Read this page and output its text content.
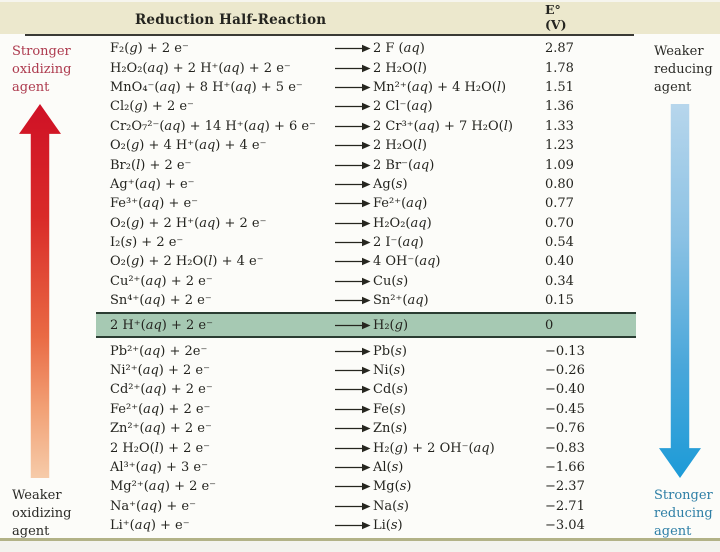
Reduction Half-Reaction
E°
(V)
F₂(g) + 2 e⁻	→ 2 F (aq)	2.87
H₂O₂(aq) + 2 H⁺(aq) + 2 e⁻	→ 2 H₂O(l)	1.78
MnO₄⁻(aq) + 8 H⁺(aq) + 5 e⁻	→ Mn²⁺(aq) + 4 H₂O(l)	1.51
Cl₂(g) + 2 e⁻	→ 2 Cl⁻(aq)	1.36
Cr₂O₇²⁻(aq) + 14 H⁺(aq) + 6 e⁻	→ 2 Cr³⁺(aq) + 7 H₂O(l)	1.33
O₂(g) + 4 H⁺(aq) + 4 e⁻	→ 2 H₂O(l)	1.23
Br₂(l) + 2 e⁻	→ 2 Br⁻(aq)	1.09
Ag⁺(aq) + e⁻	→ Ag(s)	0.80
Fe³⁺(aq) + e⁻	→ Fe²⁺(aq)	0.77
O₂(g) + 2 H⁺(aq) + 2 e⁻	→ H₂O₂(aq)	0.70
I₂(s) + 2 e⁻	→ 2 I⁻(aq)	0.54
O₂(g) + 2 H₂O(l) + 4 e⁻	→ 4 OH⁻(aq)	0.40
Cu²⁺(aq) + 2 e⁻	→ Cu(s)	0.34
Sn⁴⁺(aq) + 2 e⁻	→ Sn²⁺(aq)	0.15
2 H⁺(aq) + 2 e⁻	→ H₂(g)	0
Pb²⁺(aq) + 2e⁻	→ Pb(s)	−0.13
Ni²⁺(aq) + 2 e⁻	→ Ni(s)	−0.26
Cd²⁺(aq) + 2 e⁻	→ Cd(s)	−0.40
Fe²⁺(aq) + 2 e⁻	→ Fe(s)	−0.45
Zn²⁺(aq) + 2 e⁻	→ Zn(s)	−0.76
2 H₂O(l) + 2 e⁻	→ H₂(g) + 2 OH⁻(aq)	−0.83
Al³⁺(aq) + 3 e⁻	→ Al(s)	−1.66
Mg²⁺(aq) + 2 e⁻	→ Mg(s)	−2.37
Na⁺(aq) + e⁻	→ Na(s)	−2.71
Li⁺(aq) + e⁻	→ Li(s)	−3.04
Stronger oxidizing agent
Weaker oxidizing agent
Weaker reducing agent
Stronger reducing agent
